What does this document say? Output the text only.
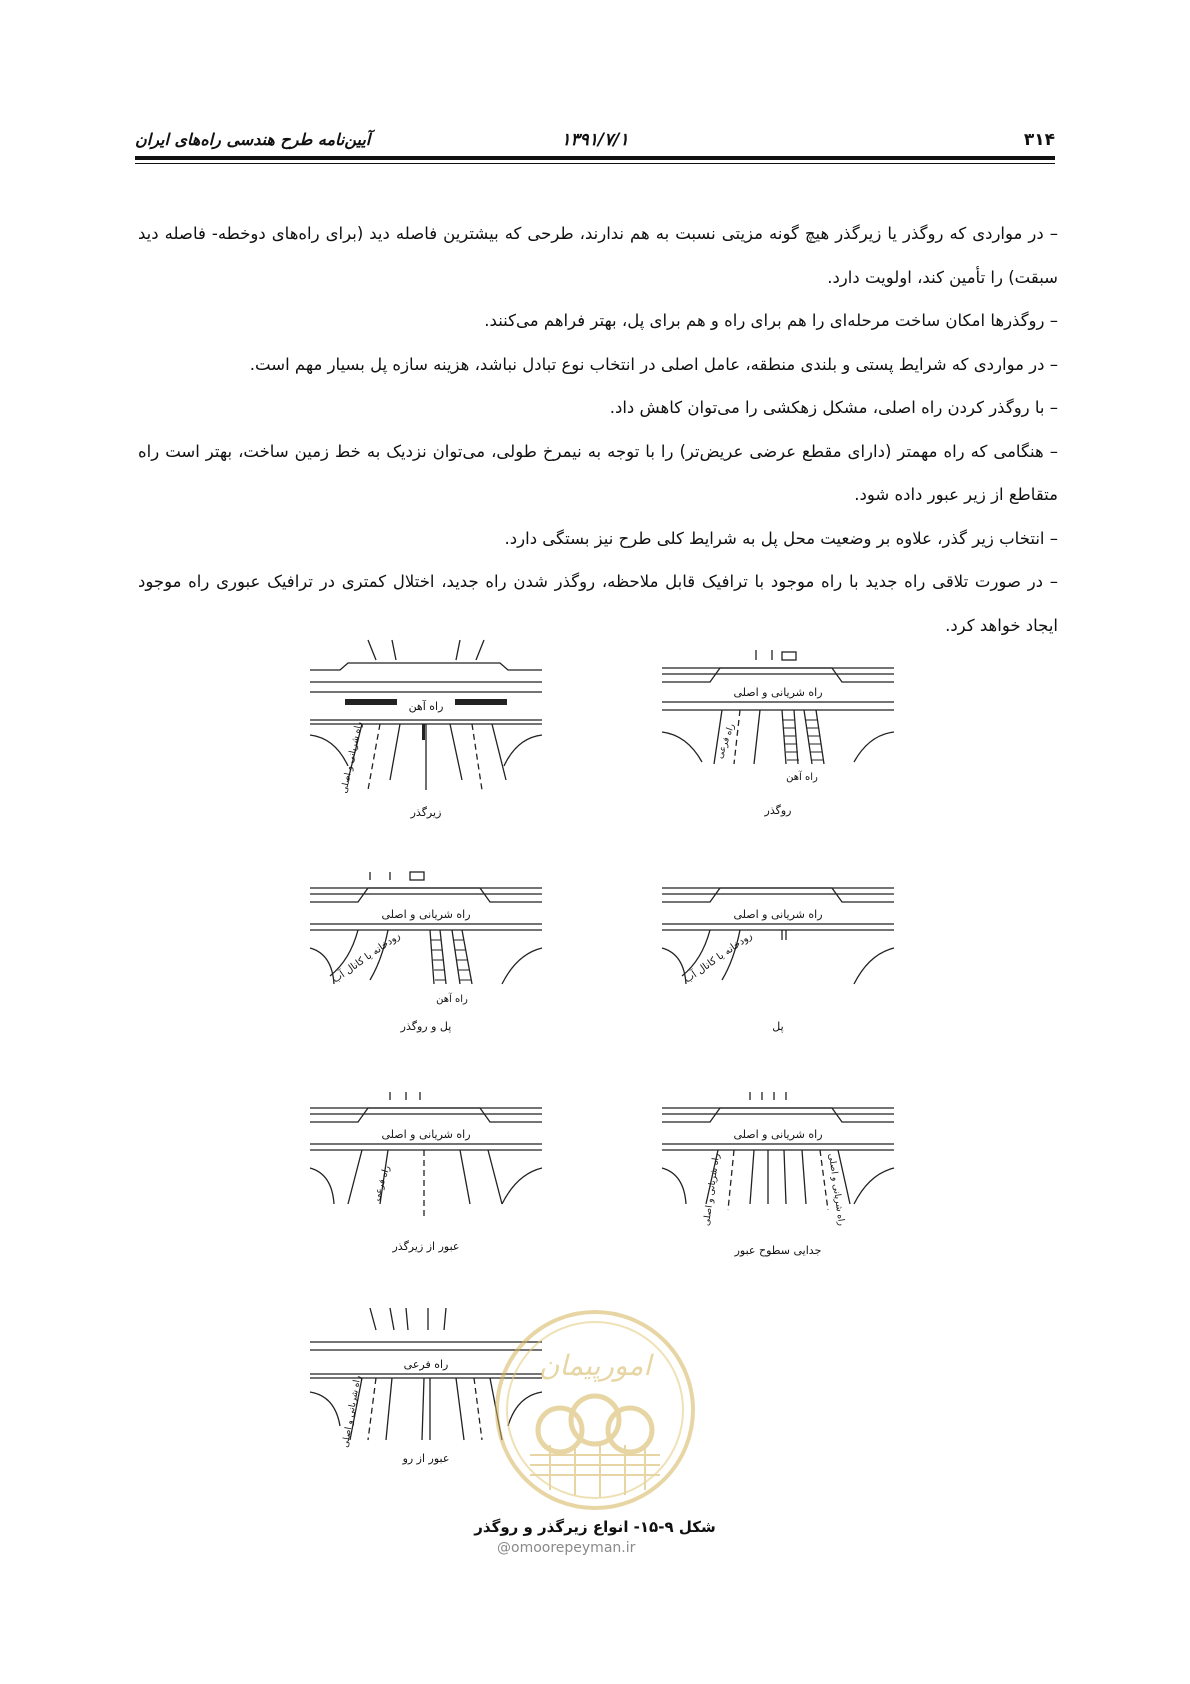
۳۱۴
۱۳۹۱/۷/۱
آیین‌نامه طرح هندسی راه‌های ایران

– در مواردی که روگذر یا زیرگذر هیچ گونه مزیتی نسبت به هم ندارند، طرحی که بیشترین فاصله دید (برای راه‌های دوخطه- فاصله دید سبقت) را تأمین کند، اولویت دارد.

– روگذرها امکان ساخت مرحله‌ای را هم برای راه و هم برای پل، بهتر فراهم می‌کنند.

– در مواردی که شرایط پستی و بلندی منطقه، عامل اصلی در انتخاب نوع تبادل نباشد، هزینه سازه پل بسیار مهم است.

– با روگذر کردن راه اصلی، مشکل زهکشی را می‌توان کاهش داد.

– هنگامی که راه مهمتر (دارای مقطع عرضی عریض‌تر) را با توجه به نیمرخ طولی، می‌توان نزدیک به خط زمین ساخت، بهتر است راه متقاطع از زیر عبور داده شود.

– انتخاب زیر گذر، علاوه بر وضعیت محل پل به شرایط کلی طرح نیز بستگی دارد.

– در صورت تلاقی راه جدید با راه موجود با ترافیک قابل ملاحظه، روگذر شدن راه جدید، اختلال کمتری در ترافیک عبوری راه موجود ایجاد خواهد کرد.

راه آهن
راه شریانی و اصلی
زیرگذر
راه شریانی و اصلی
راه فرعی
راه آهن
روگذر
راه شریانی و اصلی
رودخانه یا کانال آب
راه آهن
پل و روگذر
راه شریانی و اصلی
رودخانه یا کانال آب
پل
راه شریانی و اصلی
راه فرعی
عبور از زیرگذر
راه شریانی و اصلی
راه شریانی و اصلی	راه شریانی و اصلی
جدایی سطوح عبور
راه فرعی
راه شریانی و اصلی
عبور از رو
امورپیمان
شکل ۹-۱۵- انواع زیرگذر و روگذر
@omoorepeyman.ir
